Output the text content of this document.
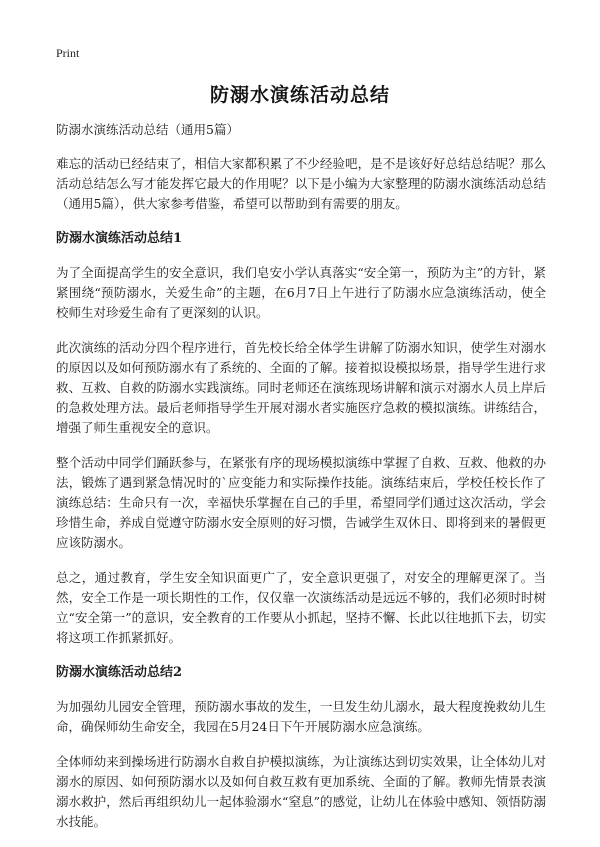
Print
防溺水演练活动总结
防溺水演练活动总结（通用5篇）

难忘的活动已经结束了，相信大家都积累了不少经验吧，是不是该好好总结总结呢？那么活动总结怎么写才能发挥它最大的作用呢？以下是小编为大家整理的防溺水演练活动总结（通用5篇），供大家参考借鉴，希望可以帮助到有需要的朋友。

防溺水演练活动总结1

为了全面提高学生的安全意识，我们皂安小学认真落实“安全第一，预防为主”的方针，紧紧围绕“预防溺水，关爱生命”的主题，在6月7日上午进行了防溺水应急演练活动，使全校师生对珍爱生命有了更深刻的认识。

此次演练的活动分四个程序进行，首先校长给全体学生讲解了防溺水知识，使学生对溺水的原因以及如何预防溺水有了系统的、全面的了解。接着拟设模拟场景，指导学生进行求救、互救、自救的防溺水实践演练。同时老师还在演练现场讲解和演示对溺水人员上岸后的急救处理方法。最后老师指导学生开展对溺水者实施医疗急救的模拟演练。讲练结合，增强了师生重视安全的意识。

整个活动中同学们踊跃参与，在紧张有序的现场模拟演练中掌握了自救、互救、他救的办法，锻炼了遇到紧急情况时的`应变能力和实际操作技能。演练结束后，学校任校长作了演练总结：生命只有一次，幸福快乐掌握在自己的手里，希望同学们通过这次活动，学会珍惜生命，养成自觉遵守防溺水安全原则的好习惯，告诫学生双休日、即将到来的暑假更应该防溺水。

总之，通过教育，学生安全知识面更广了，安全意识更强了，对安全的理解更深了。当然，安全工作是一项长期性的工作，仅仅靠一次演练活动是远远不够的，我们必须时时树立“安全第一”的意识，安全教育的工作要从小抓起，坚持不懈、长此以往地抓下去，切实将这项工作抓紧抓好。

防溺水演练活动总结2

为加强幼儿园安全管理，预防溺水事故的发生，一旦发生幼儿溺水，最大程度挽救幼儿生命，确保师幼生命安全，我园在5月24日下午开展防溺水应急演练。

全体师幼来到操场进行防溺水自救自护模拟演练，为让演练达到切实效果，让全体幼儿对溺水的原因、如何预防溺水以及如何自救互救有更加系统、全面的了解。教师先情景表演溺水救护，然后再组织幼儿一起体验溺水“窒息”的感觉，让幼儿在体验中感知、领悟防溺水技能。
